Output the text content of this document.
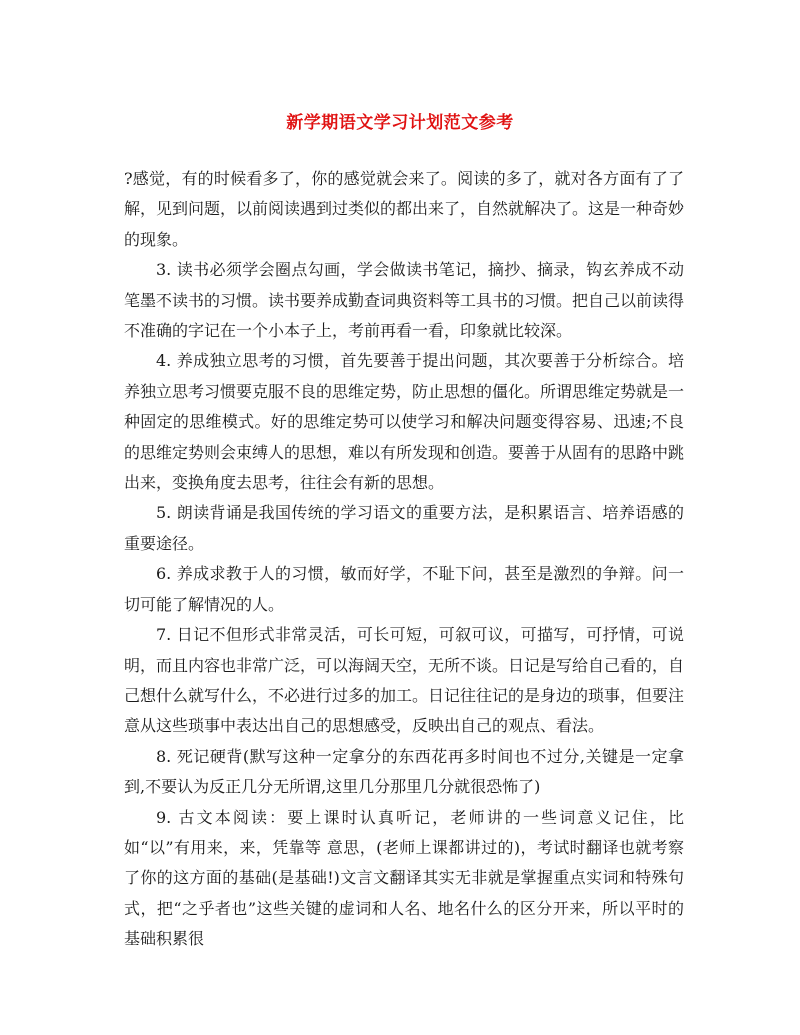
新学期语文学习计划范文参考

?感觉，有的时候看多了，你的感觉就会来了。阅读的多了，就对各方面有了了解，见到问题，以前阅读遇到过类似的都出来了，自然就解决了。这是一种奇妙的现象。

3. 读书必须学会圈点勾画，学会做读书笔记，摘抄、摘录，钩玄养成不动笔墨不读书的习惯。读书要养成勤查词典资料等工具书的习惯。把自己以前读得不准确的字记在一个小本子上，考前再看一看，印象就比较深。

4. 养成独立思考的习惯，首先要善于提出问题，其次要善于分析综合。培养独立思考习惯要克服不良的思维定势，防止思想的僵化。所谓思维定势就是一种固定的思维模式。好的思维定势可以使学习和解决问题变得容易、迅速;不良的思维定势则会束缚人的思想，难以有所发现和创造。要善于从固有的思路中跳出来，变换角度去思考，往往会有新的思想。

5. 朗读背诵是我国传统的学习语文的重要方法，是积累语言、培养语感的重要途径。

6. 养成求教于人的习惯，敏而好学，不耻下问，甚至是激烈的争辩。问一切可能了解情况的人。

7. 日记不但形式非常灵活，可长可短，可叙可议，可描写，可抒情，可说明，而且内容也非常广泛，可以海阔天空，无所不谈。日记是写给自己看的，自己想什么就写什么，不必进行过多的加工。日记往往记的是身边的琐事，但要注意从这些琐事中表达出自己的思想感受，反映出自己的观点、看法。

8. 死记硬背(默写这种一定拿分的东西花再多时间也不过分,关键是一定拿到,不要认为反正几分无所谓,这里几分那里几分就很恐怖了)

9. 古文本阅读：要上课时认真听记，老师讲的一些词意义记住，比如“以”有用来，来，凭靠等 意思，(老师上课都讲过的)，考试时翻译也就考察了你的这方面的基础(是基础!)文言文翻译其实无非就是掌握重点实词和特殊句式，把“之乎者也”这些关键的虚词和人名、地名什么的区分开来，所以平时的基础积累很
